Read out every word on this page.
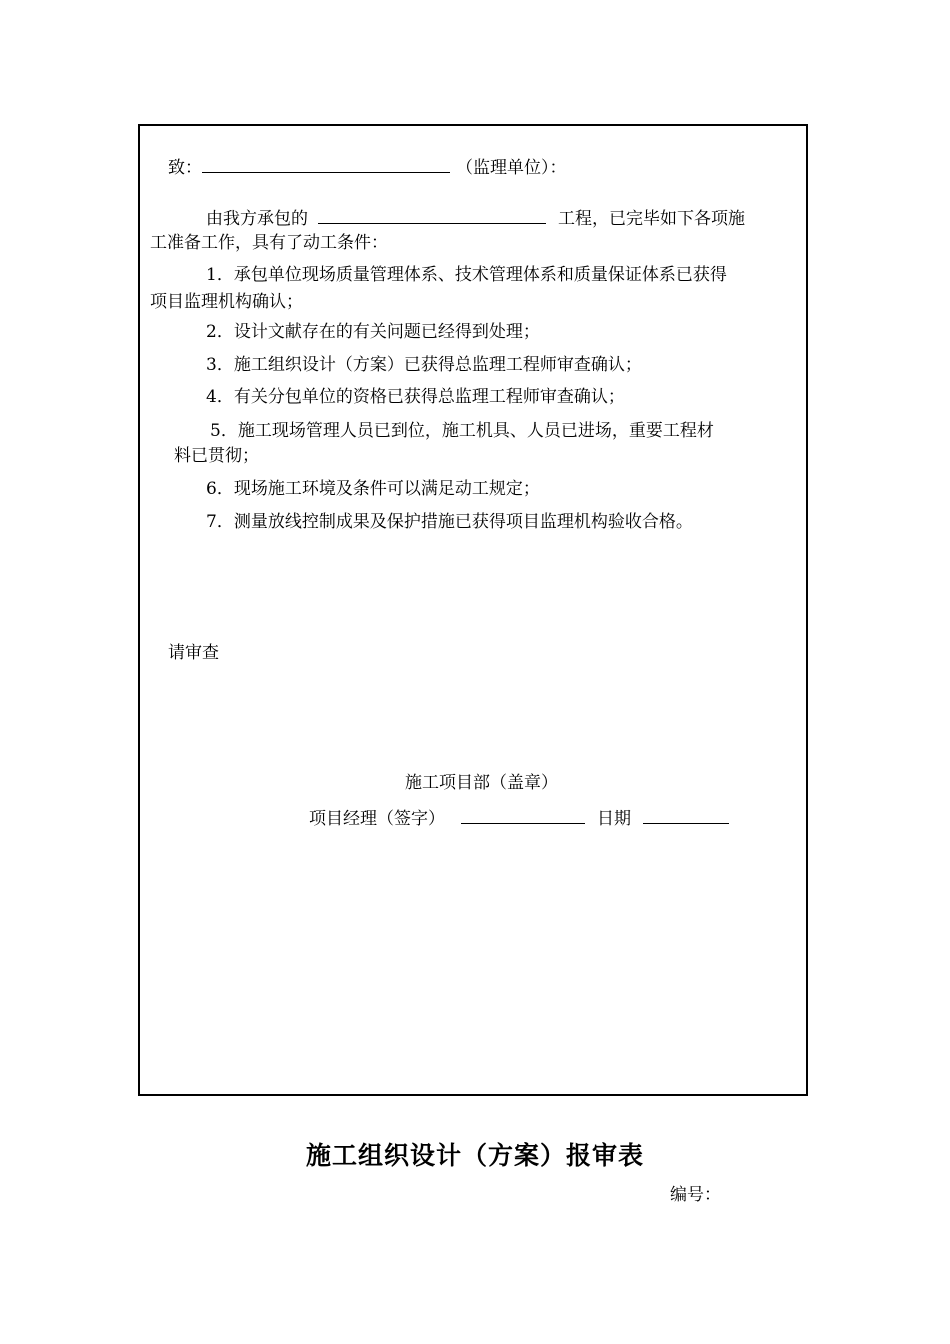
致：	（监理单位）：
由我方承包的	工程，已完毕如下各项施
工准备工作，具有了动工条件：
1．承包单位现场质量管理体系、技术管理体系和质量保证体系已获得
项目监理机构确认；
2．设计文献存在的有关问题已经得到处理；
3．施工组织设计（方案）已获得总监理工程师审查确认；
4．有关分包单位的资格已获得总监理工程师审查确认；
5．施工现场管理人员已到位，施工机具、人员已进场，重要工程材
料已贯彻；
6．现场施工环境及条件可以满足动工规定；
7．测量放线控制成果及保护措施已获得项目监理机构验收合格。
请审查
施工项目部（盖章）
项目经理（签字）	日期
施工组织设计（方案）报审表
编号：
